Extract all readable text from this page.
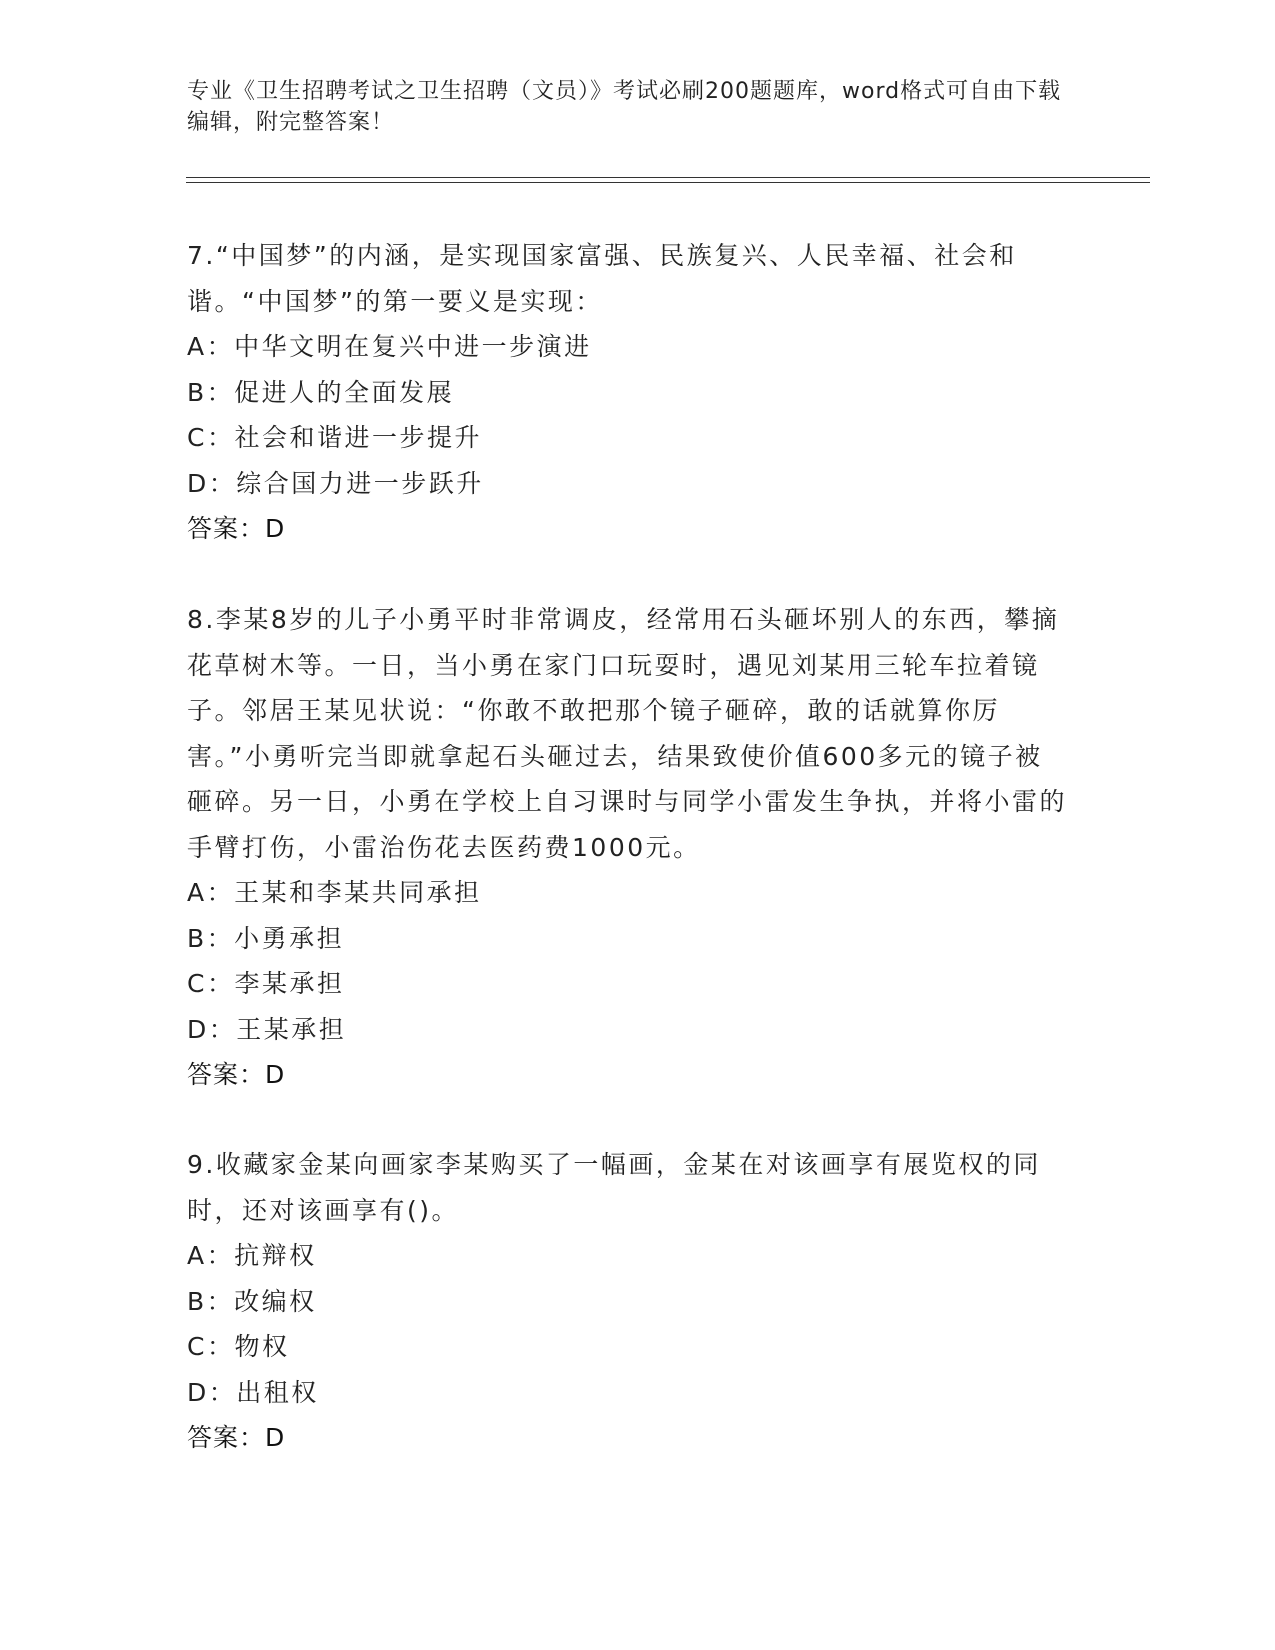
专业《卫生招聘考试之卫生招聘（文员）》考试必刷200题题库，word格式可自由下载编辑，附完整答案！

7.“中国梦”的内涵，是实现国家富强、民族复兴、人民幸福、社会和谐。“中国梦”的第一要义是实现：

A：中华文明在复兴中进一步演进

B：促进人的全面发展

C：社会和谐进一步提升

D：综合国力进一步跃升

答案：D

8.李某8岁的儿子小勇平时非常调皮，经常用石头砸坏别人的东西，攀摘花草树木等。一日，当小勇在家门口玩耍时，遇见刘某用三轮车拉着镜子。邻居王某见状说：“你敢不敢把那个镜子砸碎，敢的话就算你厉害。”小勇听完当即就拿起石头砸过去，结果致使价值600多元的镜子被砸碎。另一日，小勇在学校上自习课时与同学小雷发生争执，并将小雷的手臂打伤，小雷治伤花去医药费1000元。

A：王某和李某共同承担

B：小勇承担

C：李某承担

D：王某承担

答案：D

9.收藏家金某向画家李某购买了一幅画，金某在对该画享有展览权的同时，还对该画享有()。

A：抗辩权

B：改编权

C：物权

D：出租权

答案：D
